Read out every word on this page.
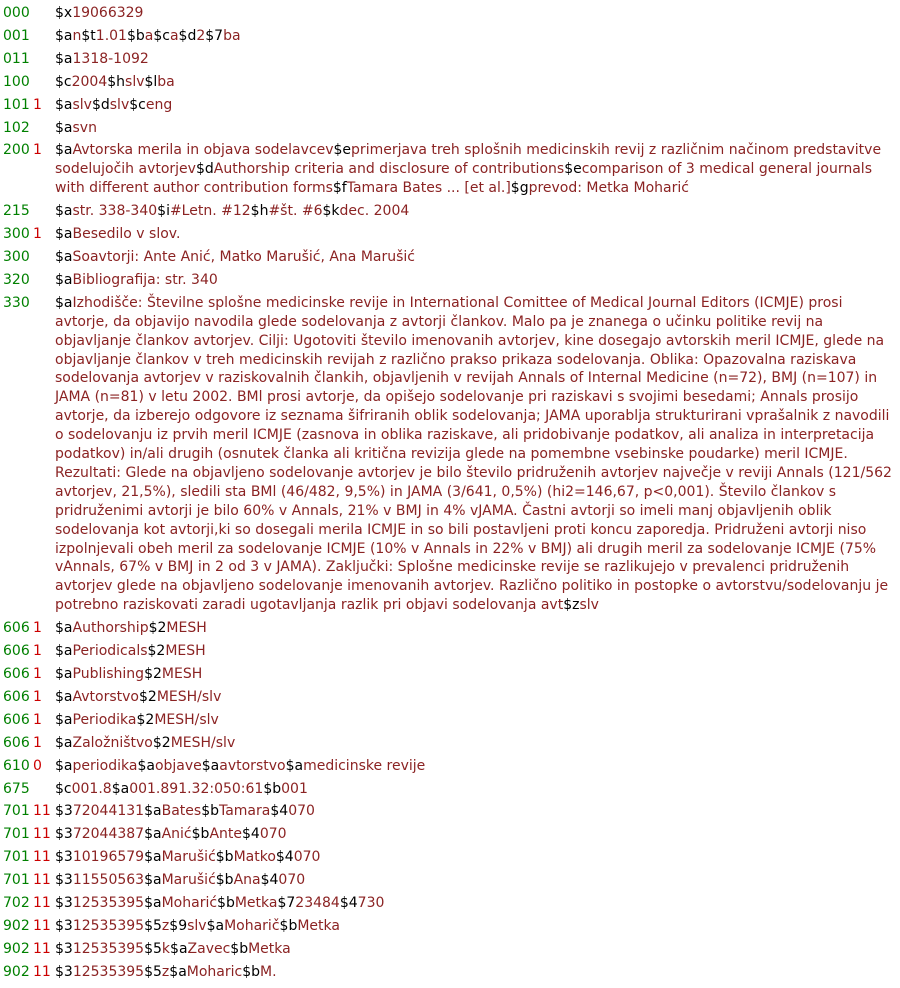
000 $x19066329
001 $an$t1.01$ba$ca$d2$7ba
011 $a1318-1092
100 $c2004$hslv$lba
101 1 $aslv$dslv$ceng
102 $asvn
200 1 $aAvtorska merila in objava sodelavcev$eprimerjava treh splošnih medicinskih revij z različnim načinom predstavitve sodelujočih avtorjev$dAuthorship criteria and disclosure of contributions$ecomparison of 3 medical general journals with different author contribution forms$fTamara Bates ... [et al.]$gprevod: Metka Moharić
215 $astr. 338-340$i#Letn. #12$h#št. #6$kdec. 2004
300 1 $aBesedilo v slov.
300 $aSoavtorji: Ante Anić, Matko Marušić, Ana Marušić
320 $aBibliografija: str. 340
330 $aIzhodišče: Številne splošne medicinske revije in International Comittee of Medical Journal Editors (ICMJE) prosi avtorje, da objavijo navodila glede sodelovanja z avtorji člankov. Malo pa je znanega o učinku politike revij na objavljanje člankov avtorjev. Cilji: Ugotoviti število imenovanih avtorjev, kine dosegajo avtorskih meril ICMJE, glede na objavljanje člankov v treh medicinskih revijah z različno prakso prikaza sodelovanja. Oblika: Opazovalna raziskava sodelovanja avtorjev v raziskovalnih člankih, objavljenih v revijah Annals of Internal Medicine (n=72), BMJ (n=107) in JAMA (n=81) v letu 2002. BMl prosi avtorje, da opišejo sodelovanje pri raziskavi s svojimi besedami; Annals prosijo avtorje, da izberejo odgovore iz seznama šifriranih oblik sodelovanja; JAMA uporablja strukturirani vprašalnik z navodili o sodelovanju iz prvih meril ICMJE (zasnova in oblika raziskave, ali pridobivanje podatkov, ali analiza in interpretacija podatkov) in/ali drugih (osnutek članka ali kritična revizija glede na pomembne vsebinske poudarke) meril ICMJE. Rezultati: Glede na objavljeno sodelovanje avtorjev je bilo število pridruženih avtorjev največje v reviji Annals (121/562 avtorjev, 21,5%), sledili sta BMl (46/482, 9,5%) in JAMA (3/641, 0,5%) (hi2=146,67, p<0,001). Število člankov s pridruženimi avtorji je bilo 60% v Annals, 21% v BMJ in 4% vJAMA. Častni avtorji so imeli manj objavljenih oblik sodelovanja kot avtorji,ki so dosegali merila ICMJE in so bili postavljeni proti koncu zaporedja. Pridruženi avtorji niso izpolnjevali obeh meril za sodelovanje ICMJE (10% v Annals in 22% v BMJ) ali drugih meril za sodelovanje ICMJE (75% vAnnals, 67% v BMJ in 2 od 3 v JAMA). Zaključki: Splošne medicinske revije se razlikujejo v prevalenci pridruženih avtorjev glede na objavljeno sodelovanje imenovanih avtorjev. Različno politiko in postopke o avtorstvu/sodelovanju je potrebno raziskovati zaradi ugotavljanja razlik pri objavi sodelovanja avt$zslv
606 1 $aAuthorship$2MESH
606 1 $aPeriodicals$2MESH
606 1 $aPublishing$2MESH
606 1 $aAvtorstvo$2MESH/slv
606 1 $aPeriodika$2MESH/slv
606 1 $aZaložništvo$2MESH/slv
610 0 $aperiodika$aobjave$aavtorstvo$amedicinske revije
675 $c001.8$a001.891.32:050:61$b001
701 11 $372044131$aBates$bTamara$4070
701 11 $372044387$aAnić$bAnte$4070
701 11 $310196579$aMarušić$bMatko$4070
701 11 $311550563$aMarušić$bAna$4070
702 11 $312535395$aMoharić$bMetka$723484$4730
902 11 $312535395$5z$9slv$aMoharič$bMetka
902 11 $312535395$5k$aZavec$bMetka
902 11 $312535395$5z$aMoharic$bM.
